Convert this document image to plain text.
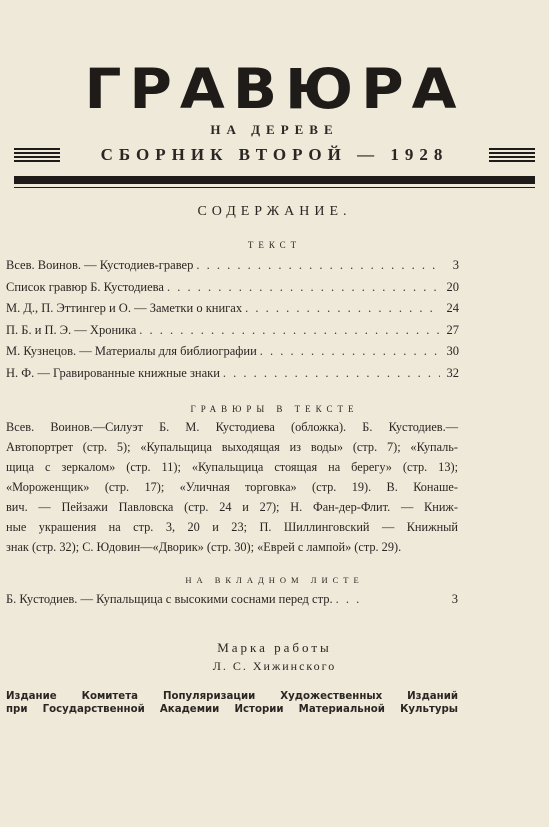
ГРАВЮРА
НА ДЕРЕВЕ
СБОРНИК ВТОРОЙ — 1928
СОДЕРЖАНИЕ.
ТЕКСТ
Всев. Воинов. — Кустодиев-гравер . . .	3
Список гравюр Б. Кустодиева . . .	20
М. Д., П. Эттингер и О. — Заметки о книгах . . .	24
П. Б. и П. Э. — Хроника . . .	27
М. Кузнецов. — Материалы для библиографии . . .	30
Н. Ф. — Гравированные книжные знаки . . .	32
ГРАВЮРЫ В ТЕКСТЕ
Всев. Воинов.—Силуэт Б. М. Кустодиева (обложка). Б. Кустодиев.—
Автопортрет (стр. 5); «Купальщица выходящая из воды» (стр. 7); «Купаль-
щица с зеркалом» (стр. 11); «Купальщица стоящая на берегу» (стр. 13);
«Мороженщик» (стр. 17); «Уличная торговка» (стр. 19). В. Конаше-
вич. — Пейзажи Павловска (стр. 24 и 27); Н. Фан-дер-Флит. — Книж-
ные украшения на стр. 3, 20 и 23; П. Шиллинговский — Книжный
знак (стр. 32); С. Юдовин—«Дворик» (стр. 30); «Еврей с лампой» (стр. 29).
НА ВКЛАДНОМ ЛИСТЕ
Б. Кустодиев. — Купальщица с высокими соснами перед стр. . . .	3
Марка работы
Л. С. Хижинского
Издание Комитета Популяризации Художественных Изданий
при Государственной Академии Истории Материальной Культуры
